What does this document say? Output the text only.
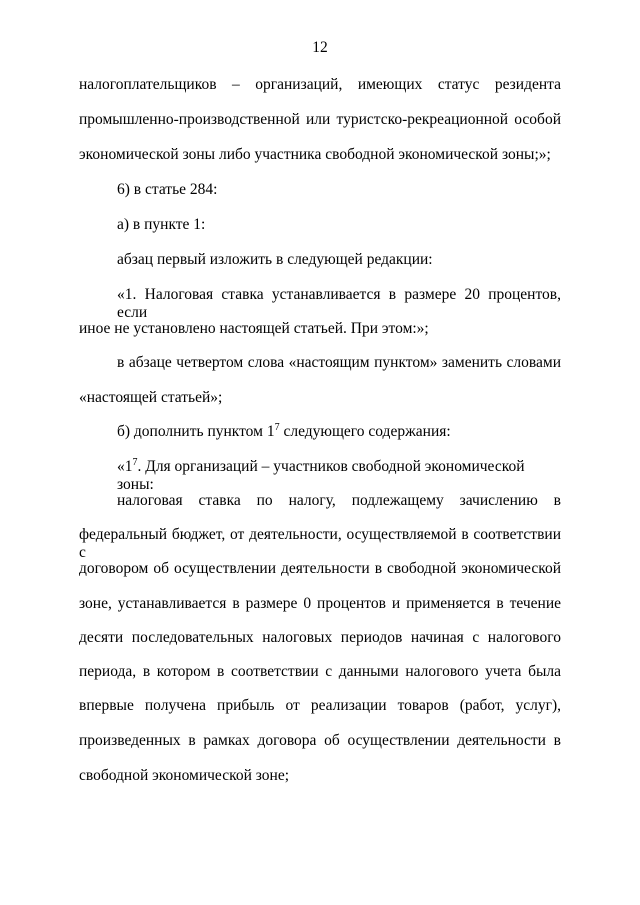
12
налогоплательщиков – организаций, имеющих статус резидента
промышленно-производственной или туристско-рекреационной особой
экономической зоны либо участника свободной экономической зоны;»;
6) в статье 284:
а) в пункте 1:
абзац первый изложить в следующей редакции:
«1. Налоговая ставка устанавливается в размере 20 процентов, если
иное не установлено настоящей статьей. При этом:»;
в абзаце четвертом слова «настоящим пунктом» заменить словами
«настоящей статьей»;
б) дополнить пунктом $1^7$ следующего содержания:
«$1^7$. Для организаций – участников свободной экономической зоны:
налоговая ставка по налогу, подлежащему зачислению в
федеральный бюджет, от деятельности, осуществляемой в соответствии с
договором об осуществлении деятельности в свободной экономической
зоне, устанавливается в размере 0 процентов и применяется в течение
десяти последовательных налоговых периодов начиная с налогового
периода, в котором в соответствии с данными налогового учета была
впервые получена прибыль от реализации товаров (работ, услуг),
произведенных в рамках договора об осуществлении деятельности в
свободной экономической зоне;
